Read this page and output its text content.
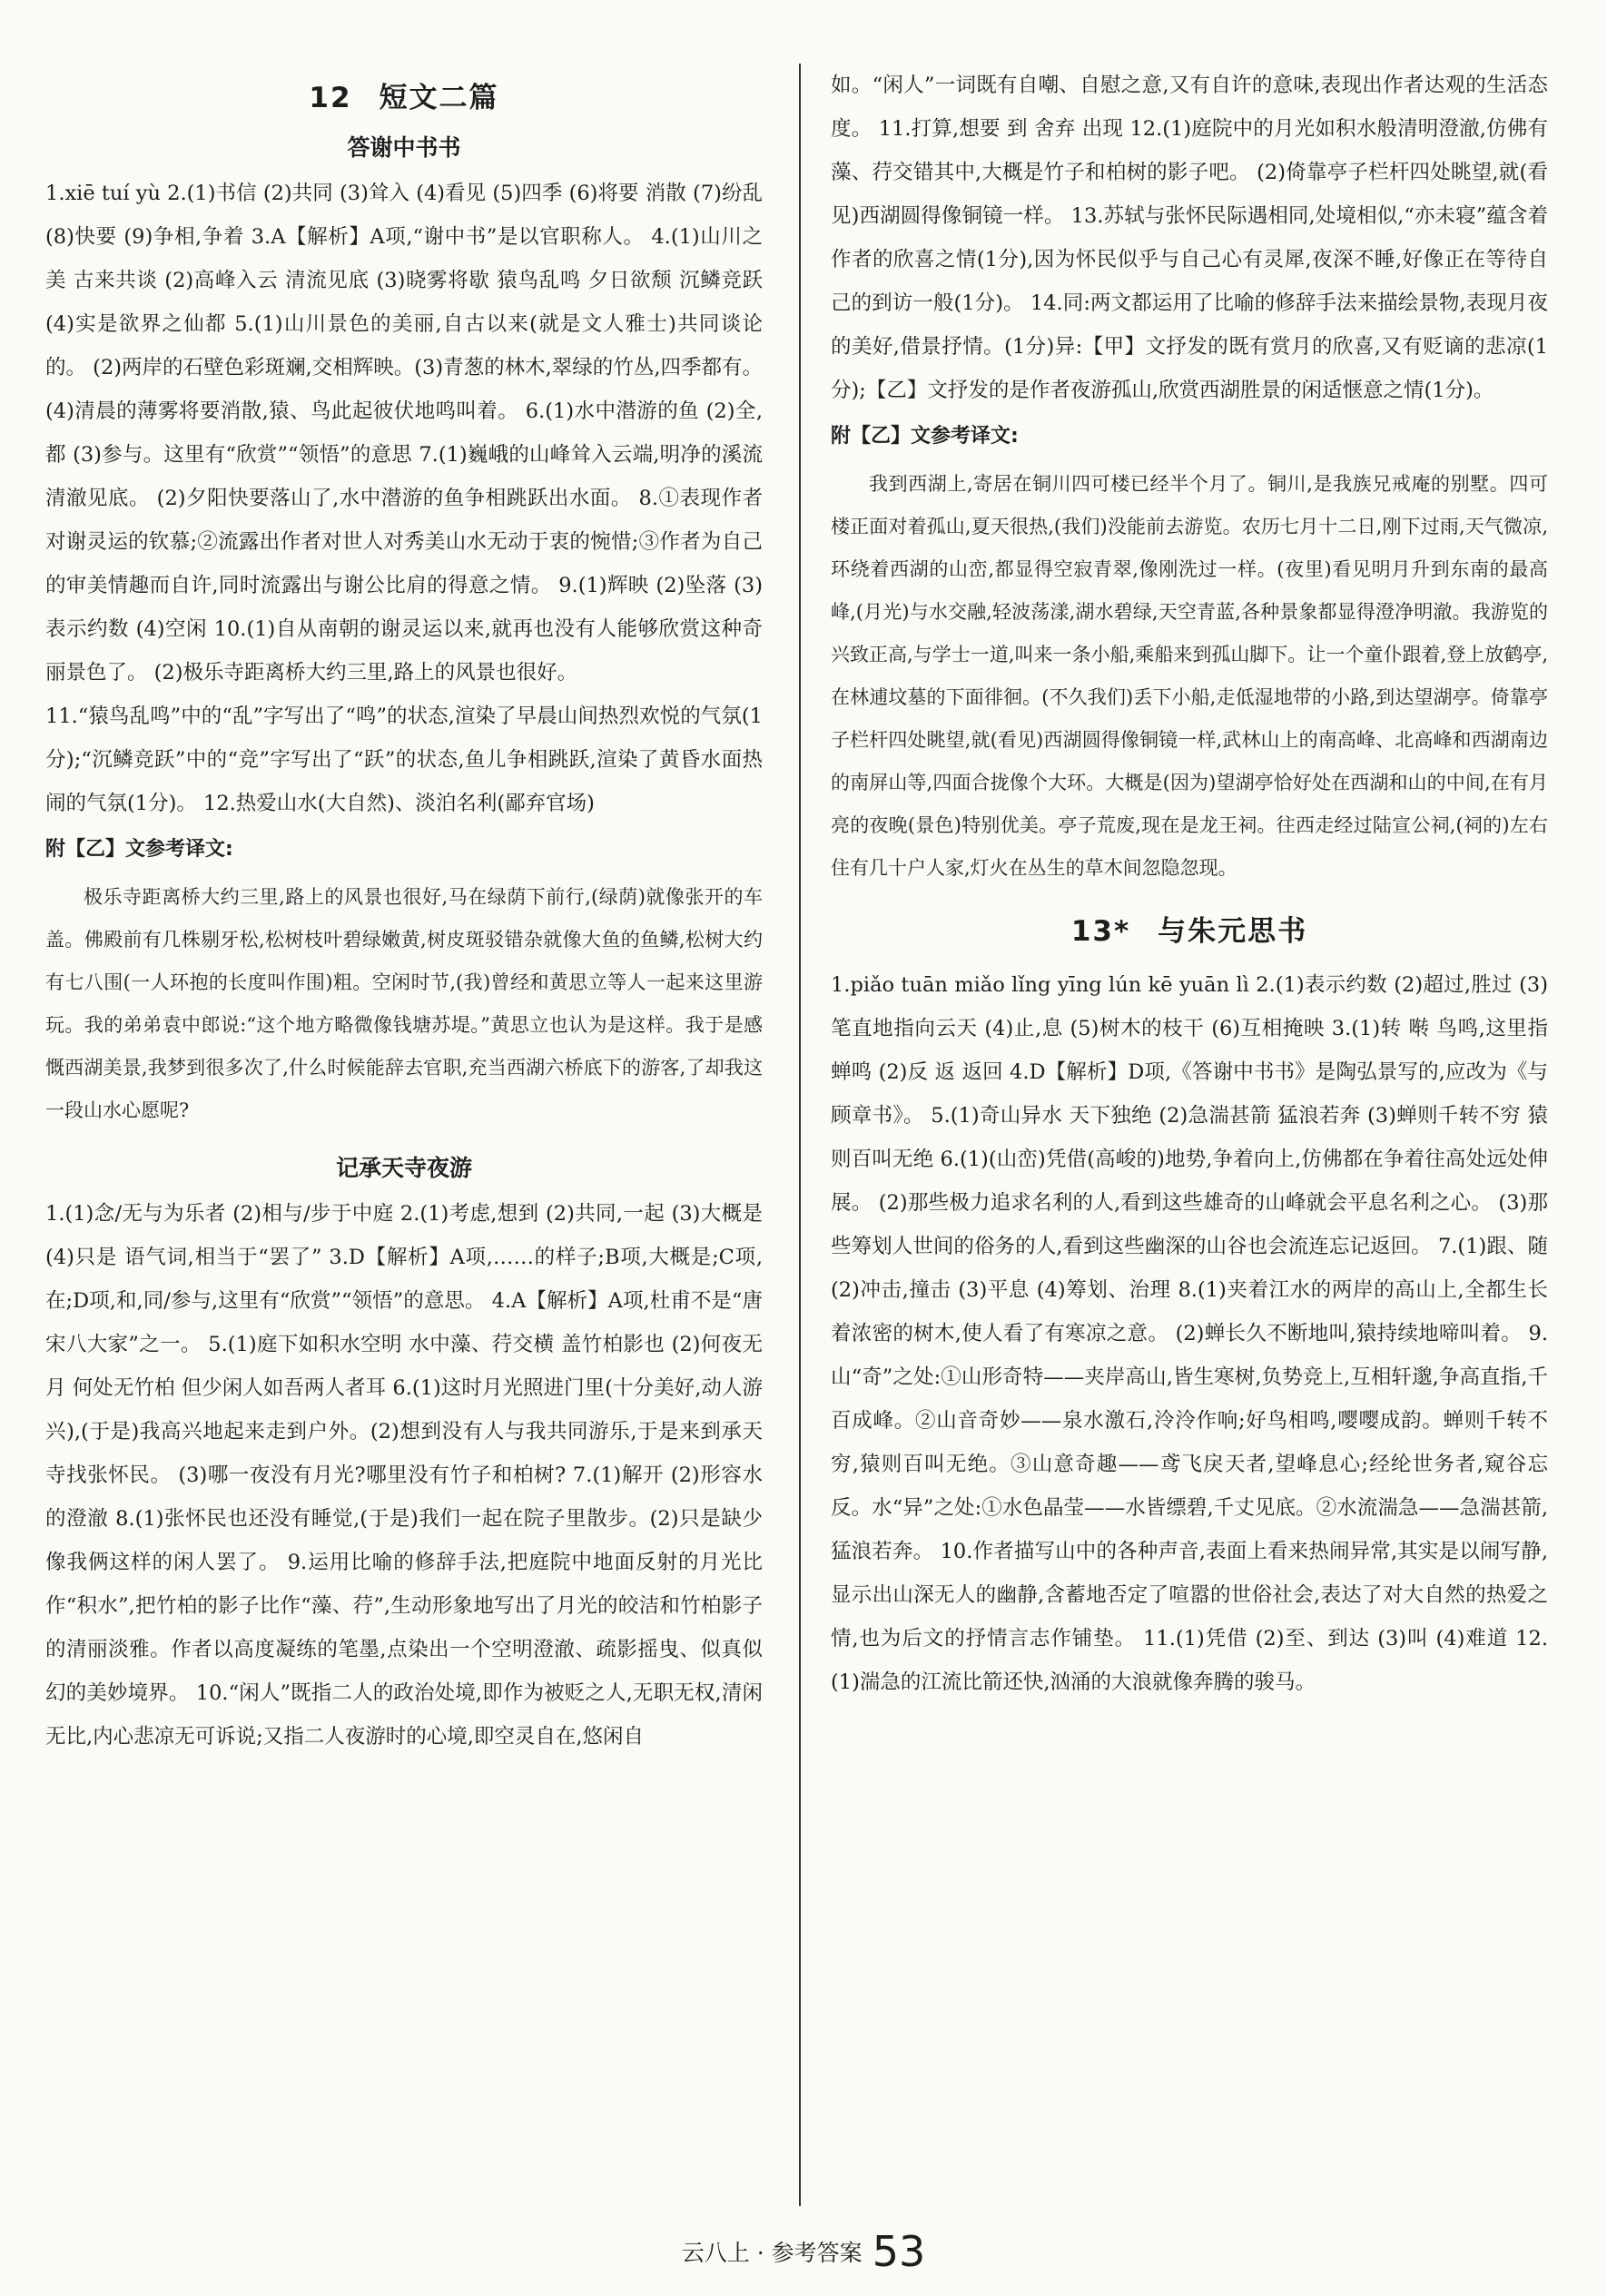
12 短文二篇
答谢中书书

1.xiē tuí yù 2.(1)书信 (2)共同 (3)耸入 (4)看见 (5)四季 (6)将要 消散 (7)纷乱 (8)快要 (9)争相,争着 3.A【解析】A项,“谢中书”是以官职称人。 4.(1)山川之美 古来共谈 (2)高峰入云 清流见底 (3)晓雾将歇 猿鸟乱鸣 夕日欲颓 沉鳞竞跃 (4)实是欲界之仙都 5.(1)山川景色的美丽,自古以来(就是文人雅士)共同谈论的。 (2)两岸的石壁色彩斑斓,交相辉映。(3)青葱的林木,翠绿的竹丛,四季都有。 (4)清晨的薄雾将要消散,猿、鸟此起彼伏地鸣叫着。 6.(1)水中潜游的鱼 (2)全,都 (3)参与。这里有“欣赏”“领悟”的意思 7.(1)巍峨的山峰耸入云端,明净的溪流清澈见底。 (2)夕阳快要落山了,水中潜游的鱼争相跳跃出水面。 8.①表现作者对谢灵运的钦慕;②流露出作者对世人对秀美山水无动于衷的惋惜;③作者为自己的审美情趣而自许,同时流露出与谢公比肩的得意之情。 9.(1)辉映 (2)坠落 (3)表示约数 (4)空闲 10.(1)自从南朝的谢灵运以来,就再也没有人能够欣赏这种奇丽景色了。 (2)极乐寺距离桥大约三里,路上的风景也很好。

11.“猿鸟乱鸣”中的“乱”字写出了“鸣”的状态,渲染了早晨山间热烈欢悦的气氛(1分);“沉鳞竞跃”中的“竞”字写出了“跃”的状态,鱼儿争相跳跃,渲染了黄昏水面热闹的气氛(1分)。 12.热爱山水(大自然)、淡泊名利(鄙弃官场)

附【乙】文参考译文:

极乐寺距离桥大约三里,路上的风景也很好,马在绿荫下前行,(绿荫)就像张开的车盖。佛殿前有几株剔牙松,松树枝叶碧绿嫩黄,树皮斑驳错杂就像大鱼的鱼鳞,松树大约有七八围(一人环抱的长度叫作围)粗。空闲时节,(我)曾经和黄思立等人一起来这里游玩。我的弟弟袁中郎说:“这个地方略微像钱塘苏堤。”黄思立也认为是这样。我于是感慨西湖美景,我梦到很多次了,什么时候能辞去官职,充当西湖六桥底下的游客,了却我这一段山水心愿呢?

记承天寺夜游

1.(1)念/无与为乐者 (2)相与/步于中庭 2.(1)考虑,想到 (2)共同,一起 (3)大概是 (4)只是 语气词,相当于“罢了” 3.D【解析】A项,……的样子;B项,大概是;C项,在;D项,和,同/参与,这里有“欣赏”“领悟”的意思。 4.A【解析】A项,杜甫不是“唐宋八大家”之一。 5.(1)庭下如积水空明 水中藻、荇交横 盖竹柏影也 (2)何夜无月 何处无竹柏 但少闲人如吾两人者耳 6.(1)这时月光照进门里(十分美好,动人游兴),(于是)我高兴地起来走到户外。(2)想到没有人与我共同游乐,于是来到承天寺找张怀民。 (3)哪一夜没有月光?哪里没有竹子和柏树? 7.(1)解开 (2)形容水的澄澈 8.(1)张怀民也还没有睡觉,(于是)我们一起在院子里散步。(2)只是缺少像我俩这样的闲人罢了。 9.运用比喻的修辞手法,把庭院中地面反射的月光比作“积水”,把竹柏的影子比作“藻、荇”,生动形象地写出了月光的皎洁和竹柏影子的清丽淡雅。作者以高度凝练的笔墨,点染出一个空明澄澈、疏影摇曳、似真似幻的美妙境界。 10.“闲人”既指二人的政治处境,即作为被贬之人,无职无权,清闲无比,内心悲凉无可诉说;又指二人夜游时的心境,即空灵自在,悠闲自

如。“闲人”一词既有自嘲、自慰之意,又有自许的意味,表现出作者达观的生活态度。 11.打算,想要 到 舍弃 出现 12.(1)庭院中的月光如积水般清明澄澈,仿佛有藻、荇交错其中,大概是竹子和柏树的影子吧。 (2)倚靠亭子栏杆四处眺望,就(看见)西湖圆得像铜镜一样。 13.苏轼与张怀民际遇相同,处境相似,“亦未寝”蕴含着作者的欣喜之情(1分),因为怀民似乎与自己心有灵犀,夜深不睡,好像正在等待自己的到访一般(1分)。 14.同:两文都运用了比喻的修辞手法来描绘景物,表现月夜的美好,借景抒情。(1分)异:【甲】文抒发的既有赏月的欣喜,又有贬谪的悲凉(1分);【乙】文抒发的是作者夜游孤山,欣赏西湖胜景的闲适惬意之情(1分)。

附【乙】文参考译文:

我到西湖上,寄居在铜川四可楼已经半个月了。铜川,是我族兄戒庵的别墅。四可楼正面对着孤山,夏天很热,(我们)没能前去游览。农历七月十二日,刚下过雨,天气微凉,环绕着西湖的山峦,都显得空寂青翠,像刚洗过一样。(夜里)看见明月升到东南的最高峰,(月光)与水交融,轻波荡漾,湖水碧绿,天空青蓝,各种景象都显得澄净明澈。我游览的兴致正高,与学士一道,叫来一条小船,乘船来到孤山脚下。让一个童仆跟着,登上放鹤亭,在林逋坟墓的下面徘徊。(不久我们)丢下小船,走低湿地带的小路,到达望湖亭。倚靠亭子栏杆四处眺望,就(看见)西湖圆得像铜镜一样,武林山上的南高峰、北高峰和西湖南边的南屏山等,四面合拢像个大环。大概是(因为)望湖亭恰好处在西湖和山的中间,在有月亮的夜晚(景色)特别优美。亭子荒废,现在是龙王祠。往西走经过陆宣公祠,(祠的)左右住有几十户人家,灯火在丛生的草木间忽隐忽现。

13* 与朱元思书

1.piǎo tuān miǎo lǐng yīng lún kē yuān lì 2.(1)表示约数 (2)超过,胜过 (3)笔直地指向云天 (4)止,息 (5)树木的枝干 (6)互相掩映 3.(1)转 啭 鸟鸣,这里指蝉鸣 (2)反 返 返回 4.D【解析】D项,《答谢中书书》是陶弘景写的,应改为《与顾章书》。 5.(1)奇山异水 天下独绝 (2)急湍甚箭 猛浪若奔 (3)蝉则千转不穷 猿则百叫无绝 6.(1)(山峦)凭借(高峻的)地势,争着向上,仿佛都在争着往高处远处伸展。 (2)那些极力追求名利的人,看到这些雄奇的山峰就会平息名利之心。 (3)那些筹划人世间的俗务的人,看到这些幽深的山谷也会流连忘记返回。 7.(1)跟、随 (2)冲击,撞击 (3)平息 (4)筹划、治理 8.(1)夹着江水的两岸的高山上,全都生长着浓密的树木,使人看了有寒凉之意。 (2)蝉长久不断地叫,猿持续地啼叫着。 9.山“奇”之处:①山形奇特——夹岸高山,皆生寒树,负势竞上,互相轩邈,争高直指,千百成峰。②山音奇妙——泉水激石,泠泠作响;好鸟相鸣,嘤嘤成韵。蝉则千转不穷,猿则百叫无绝。③山意奇趣——鸢飞戾天者,望峰息心;经纶世务者,窥谷忘反。水“异”之处:①水色晶莹——水皆缥碧,千丈见底。②水流湍急——急湍甚箭,猛浪若奔。 10.作者描写山中的各种声音,表面上看来热闹异常,其实是以闹写静,显示出山深无人的幽静,含蓄地否定了喧嚣的世俗社会,表达了对大自然的热爱之情,也为后文的抒情言志作铺垫。 11.(1)凭借 (2)至、到达 (3)叫 (4)难道 12.(1)湍急的江流比箭还快,汹涌的大浪就像奔腾的骏马。

云八上 · 参考答案 53
